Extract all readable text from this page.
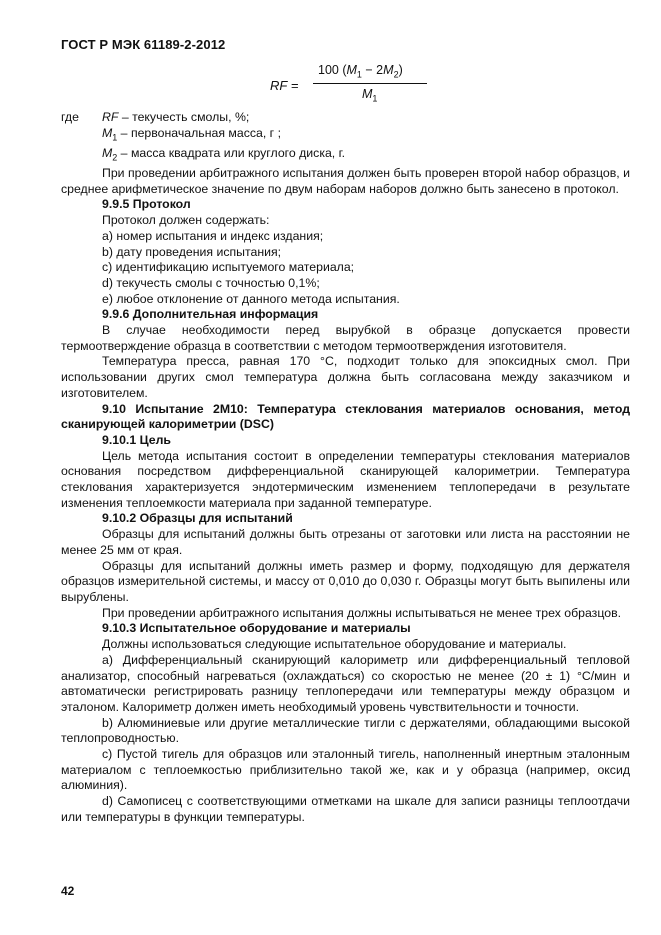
ГОСТ Р МЭК 61189-2-2012
RF =
100 $(M_1 - 2M_2)$
$M_1$
где	RF – текучесть смолы, %;
$M_1$ – первоначальная масса, г ;
$M_2$ – масса квадрата или круглого диска, г.

При проведении арбитражного испытания должен быть проверен второй набор образцов, и среднее арифметическое значение по двум наборам наборов должно быть занесено в протокол.

9.9.5 Протокол

Протокол должен содержать:

a) номер испытания и индекс издания;

b) дату проведения испытания;

c) идентификацию испытуемого материала;

d) текучесть смолы с точностью 0,1%;

e) любое отклонение от данного метода испытания.

9.9.6 Дополнительная информация

В случае необходимости перед вырубкой в образце допускается провести термоотверждение образца в соответствии с методом термоотверждения изготовителя.

Температура пресса, равная 170 °С, подходит только для эпоксидных смол. При использовании других смол температура должна быть согласована между заказчиком и изготовителем.

9.10 Испытание 2M10: Температура стеклования материалов основания, метод сканирующей калориметрии (DSC)

9.10.1 Цель

Цель метода испытания состоит в определении температуры стеклования материалов основания посредством дифференциальной сканирующей калориметрии. Температура стеклования характеризуется эндотермическим изменением теплопередачи в результате изменения теплоемкости материала при заданной температуре.

9.10.2 Образцы для испытаний

Образцы для испытаний должны быть отрезаны от заготовки или листа на расстоянии не менее 25 мм от края.

Образцы для испытаний должны иметь размер и форму, подходящую для держателя образцов измерительной системы, и массу от 0,010 до 0,030 г. Образцы могут быть выпилены или вырублены.

При проведении арбитражного испытания должны испытываться не менее трех образцов.

9.10.3 Испытательное оборудование и материалы

Должны использоваться следующие испытательное оборудование и материалы.

a) Дифференциальный сканирующий калориметр или дифференциальный тепловой анализатор, способный нагреваться (охлаждаться) со скоростью не менее (20 ± 1) °С/мин и автоматически регистрировать разницу теплопередачи или температуры между образцом и эталоном. Калориметр должен иметь необходимый уровень чувствительности и точности.

b) Алюминиевые или другие металлические тигли с держателями, обладающими высокой теплопроводностью.

c) Пустой тигель для образцов или эталонный тигель, наполненный инертным эталонным материалом с теплоемкостью приблизительно такой же, как и у образца (например, оксид алюминия).

d) Самописец с соответствующими отметками на шкале для записи разницы теплоотдачи или температуры в функции температуры.

42
